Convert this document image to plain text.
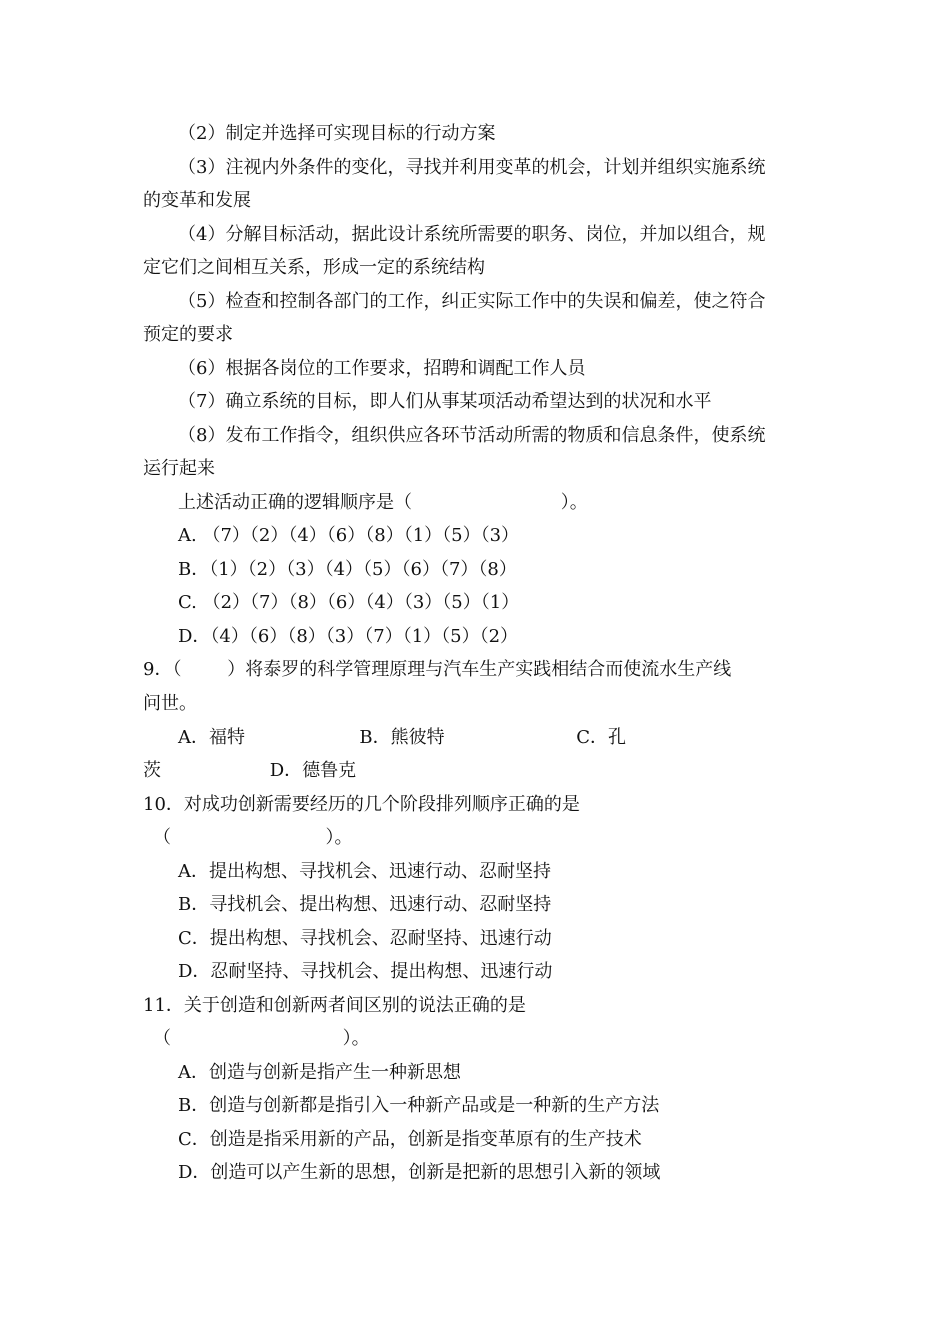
（2）制定并选择可实现目标的行动方案
（3）注视内外条件的变化，寻找并利用变革的机会，计划并组织实施系统
的变革和发展
（4）分解目标活动，据此设计系统所需要的职务、岗位，并加以组合，规
定它们之间相互关系，形成一定的系统结构
（5）检查和控制各部门的工作，纠正实际工作中的失误和偏差，使之符合
预定的要求
（6）根据各岗位的工作要求，招聘和调配工作人员
（7）确立系统的目标，即人们从事某项活动希望达到的状况和水平
（8）发布工作指令，组织供应各环节活动所需的物质和信息条件，使系统
运行起来
上述活动正确的逻辑顺序是（                          ）。
A. （7）（2）（4）（6）（8）（1）（5）（3）
B．（1）（2）（3）（4）（5）（6）（7）（8）
C. （2）（7）（8）（6）（4）（3）（5）（1）
D．（4）（6）（8）（3）（7）（1）（5）（2）
9．（        ）将泰罗的科学管理原理与汽车生产实践相结合而使流水生产线
问世。
A．福特                    B．熊彼特                       C．孔
茨                   D．德鲁克
10．对成功创新需要经历的几个阶段排列顺序正确的是
（                           ）。
A．提出构想、寻找机会、迅速行动、忍耐坚持
B．寻找机会、提出构想、迅速行动、忍耐坚持
C．提出构想、寻找机会、忍耐坚持、迅速行动
D．忍耐坚持、寻找机会、提出构想、迅速行动
11．关于创造和创新两者间区别的说法正确的是
（                              ）。
A．创造与创新是指产生一种新思想
B．创造与创新都是指引入一种新产品或是一种新的生产方法
C．创造是指采用新的产品，创新是指变革原有的生产技术
D．创造可以产生新的思想，创新是把新的思想引入新的领域
